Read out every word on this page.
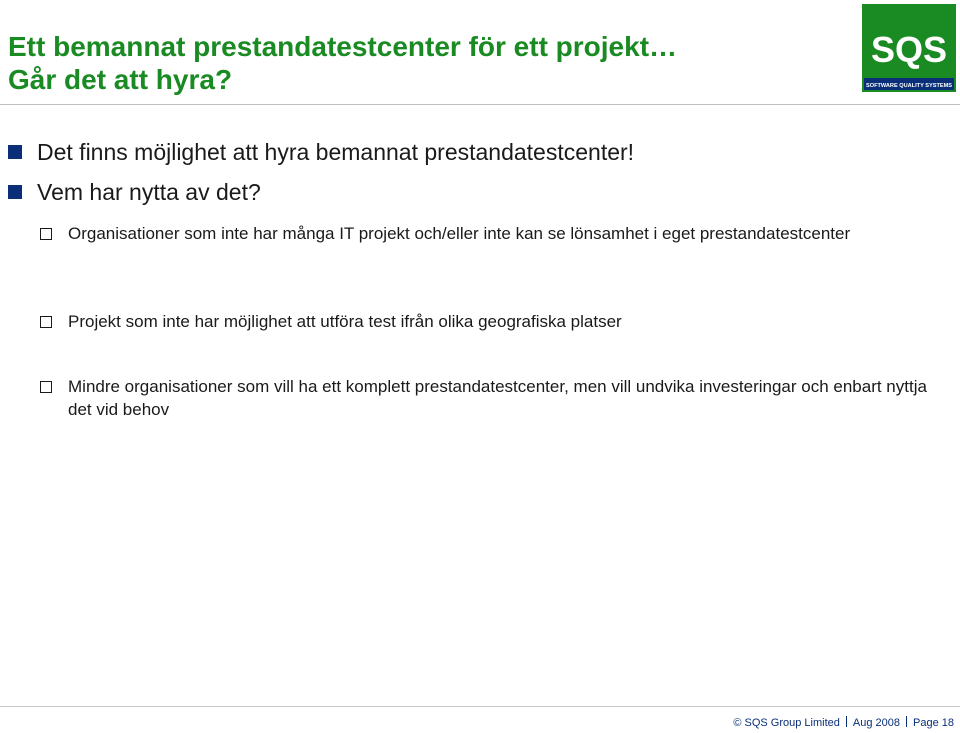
Ett bemannat prestandatestcenter för ett projekt…
Går det att hyra?
SQS
SOFTWARE QUALITY SYSTEMS
Det finns möjlighet att hyra bemannat prestandatestcenter!
Vem har nytta av det?
Organisationer som inte har många IT projekt och/eller inte kan se lönsamhet i eget prestandatestcenter
Projekt som inte har möjlighet att utföra test ifrån olika geografiska platser
Mindre organisationer som vill ha ett komplett prestandatestcenter, men vill undvika investeringar och enbart nyttja det vid behov
© SQS Group Limited Aug 2008 Page 18
